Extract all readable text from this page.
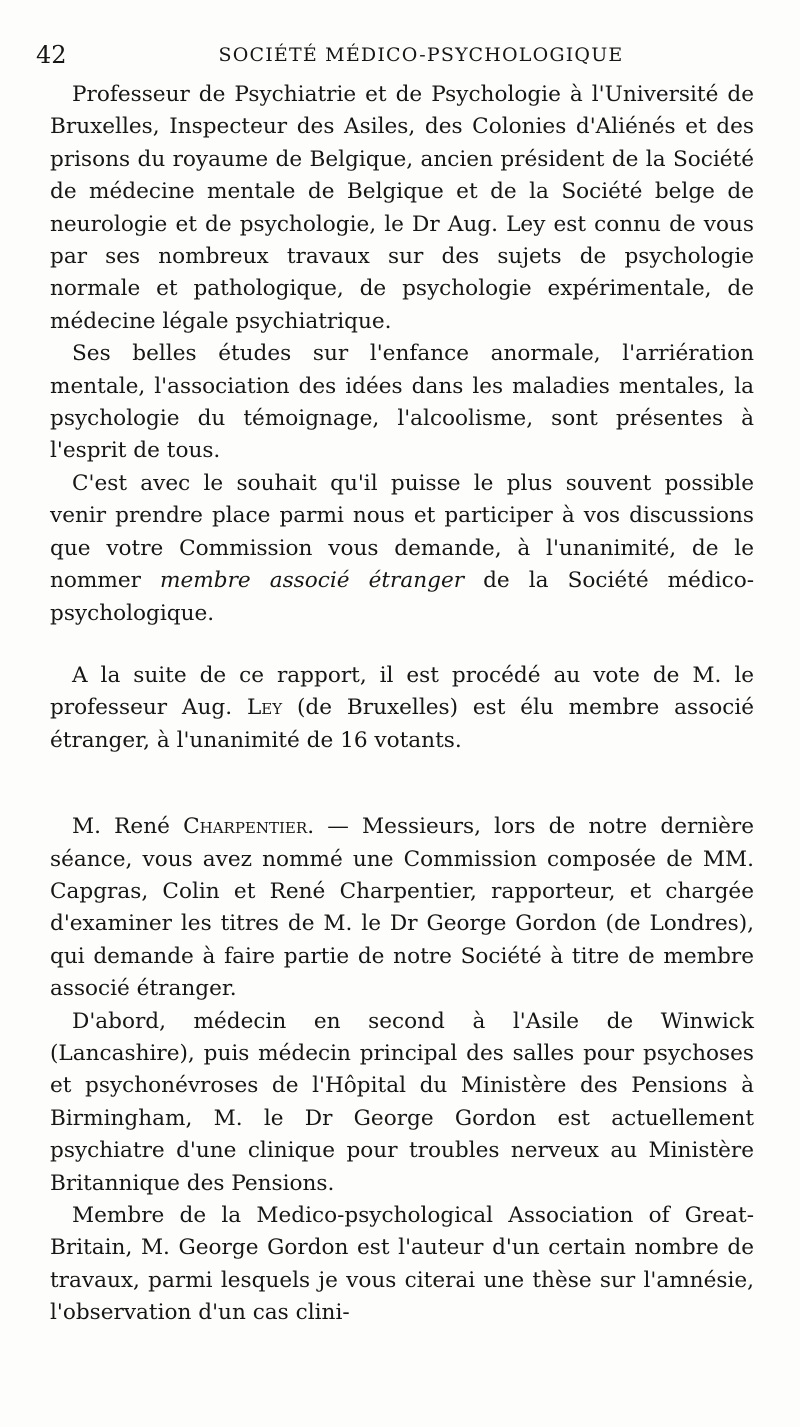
42	SOCIÉTÉ MÉDICO-PSYCHOLOGIQUE

Professeur de Psychiatrie et de Psychologie à l'Université de Bruxelles, Inspecteur des Asiles, des Colonies d'Aliénés et des prisons du royaume de Belgique, ancien président de la Société de médecine mentale de Belgique et de la Société belge de neurologie et de psychologie, le Dr Aug. Ley est connu de vous par ses nombreux travaux sur des sujets de psychologie normale et pathologique, de psychologie expérimentale, de médecine légale psychiatrique.

Ses belles études sur l'enfance anormale, l'arriération mentale, l'association des idées dans les maladies mentales, la psychologie du témoignage, l'alcoolisme, sont présentes à l'esprit de tous.

C'est avec le souhait qu'il puisse le plus souvent possible venir prendre place parmi nous et participer à vos discussions que votre Commission vous demande, à l'unanimité, de le nommer membre associé étranger de la Société médico-psychologique.

A la suite de ce rapport, il est procédé au vote de M. le professeur Aug. Ley (de Bruxelles) est élu membre associé étranger, à l'unanimité de 16 votants.

M. René Charpentier. — Messieurs, lors de notre dernière séance, vous avez nommé une Commission composée de MM. Capgras, Colin et René Charpentier, rapporteur, et chargée d'examiner les titres de M. le Dr George Gordon (de Londres), qui demande à faire partie de notre Société à titre de membre associé étranger.

D'abord, médecin en second à l'Asile de Winwick (Lancashire), puis médecin principal des salles pour psychoses et psychonévroses de l'Hôpital du Ministère des Pensions à Birmingham, M. le Dr George Gordon est actuellement psychiatre d'une clinique pour troubles nerveux au Ministère Britannique des Pensions.

Membre de la Medico-psychological Association of Great-Britain, M. George Gordon est l'auteur d'un certain nombre de travaux, parmi lesquels je vous citerai une thèse sur l'amnésie, l'observation d'un cas clini-
